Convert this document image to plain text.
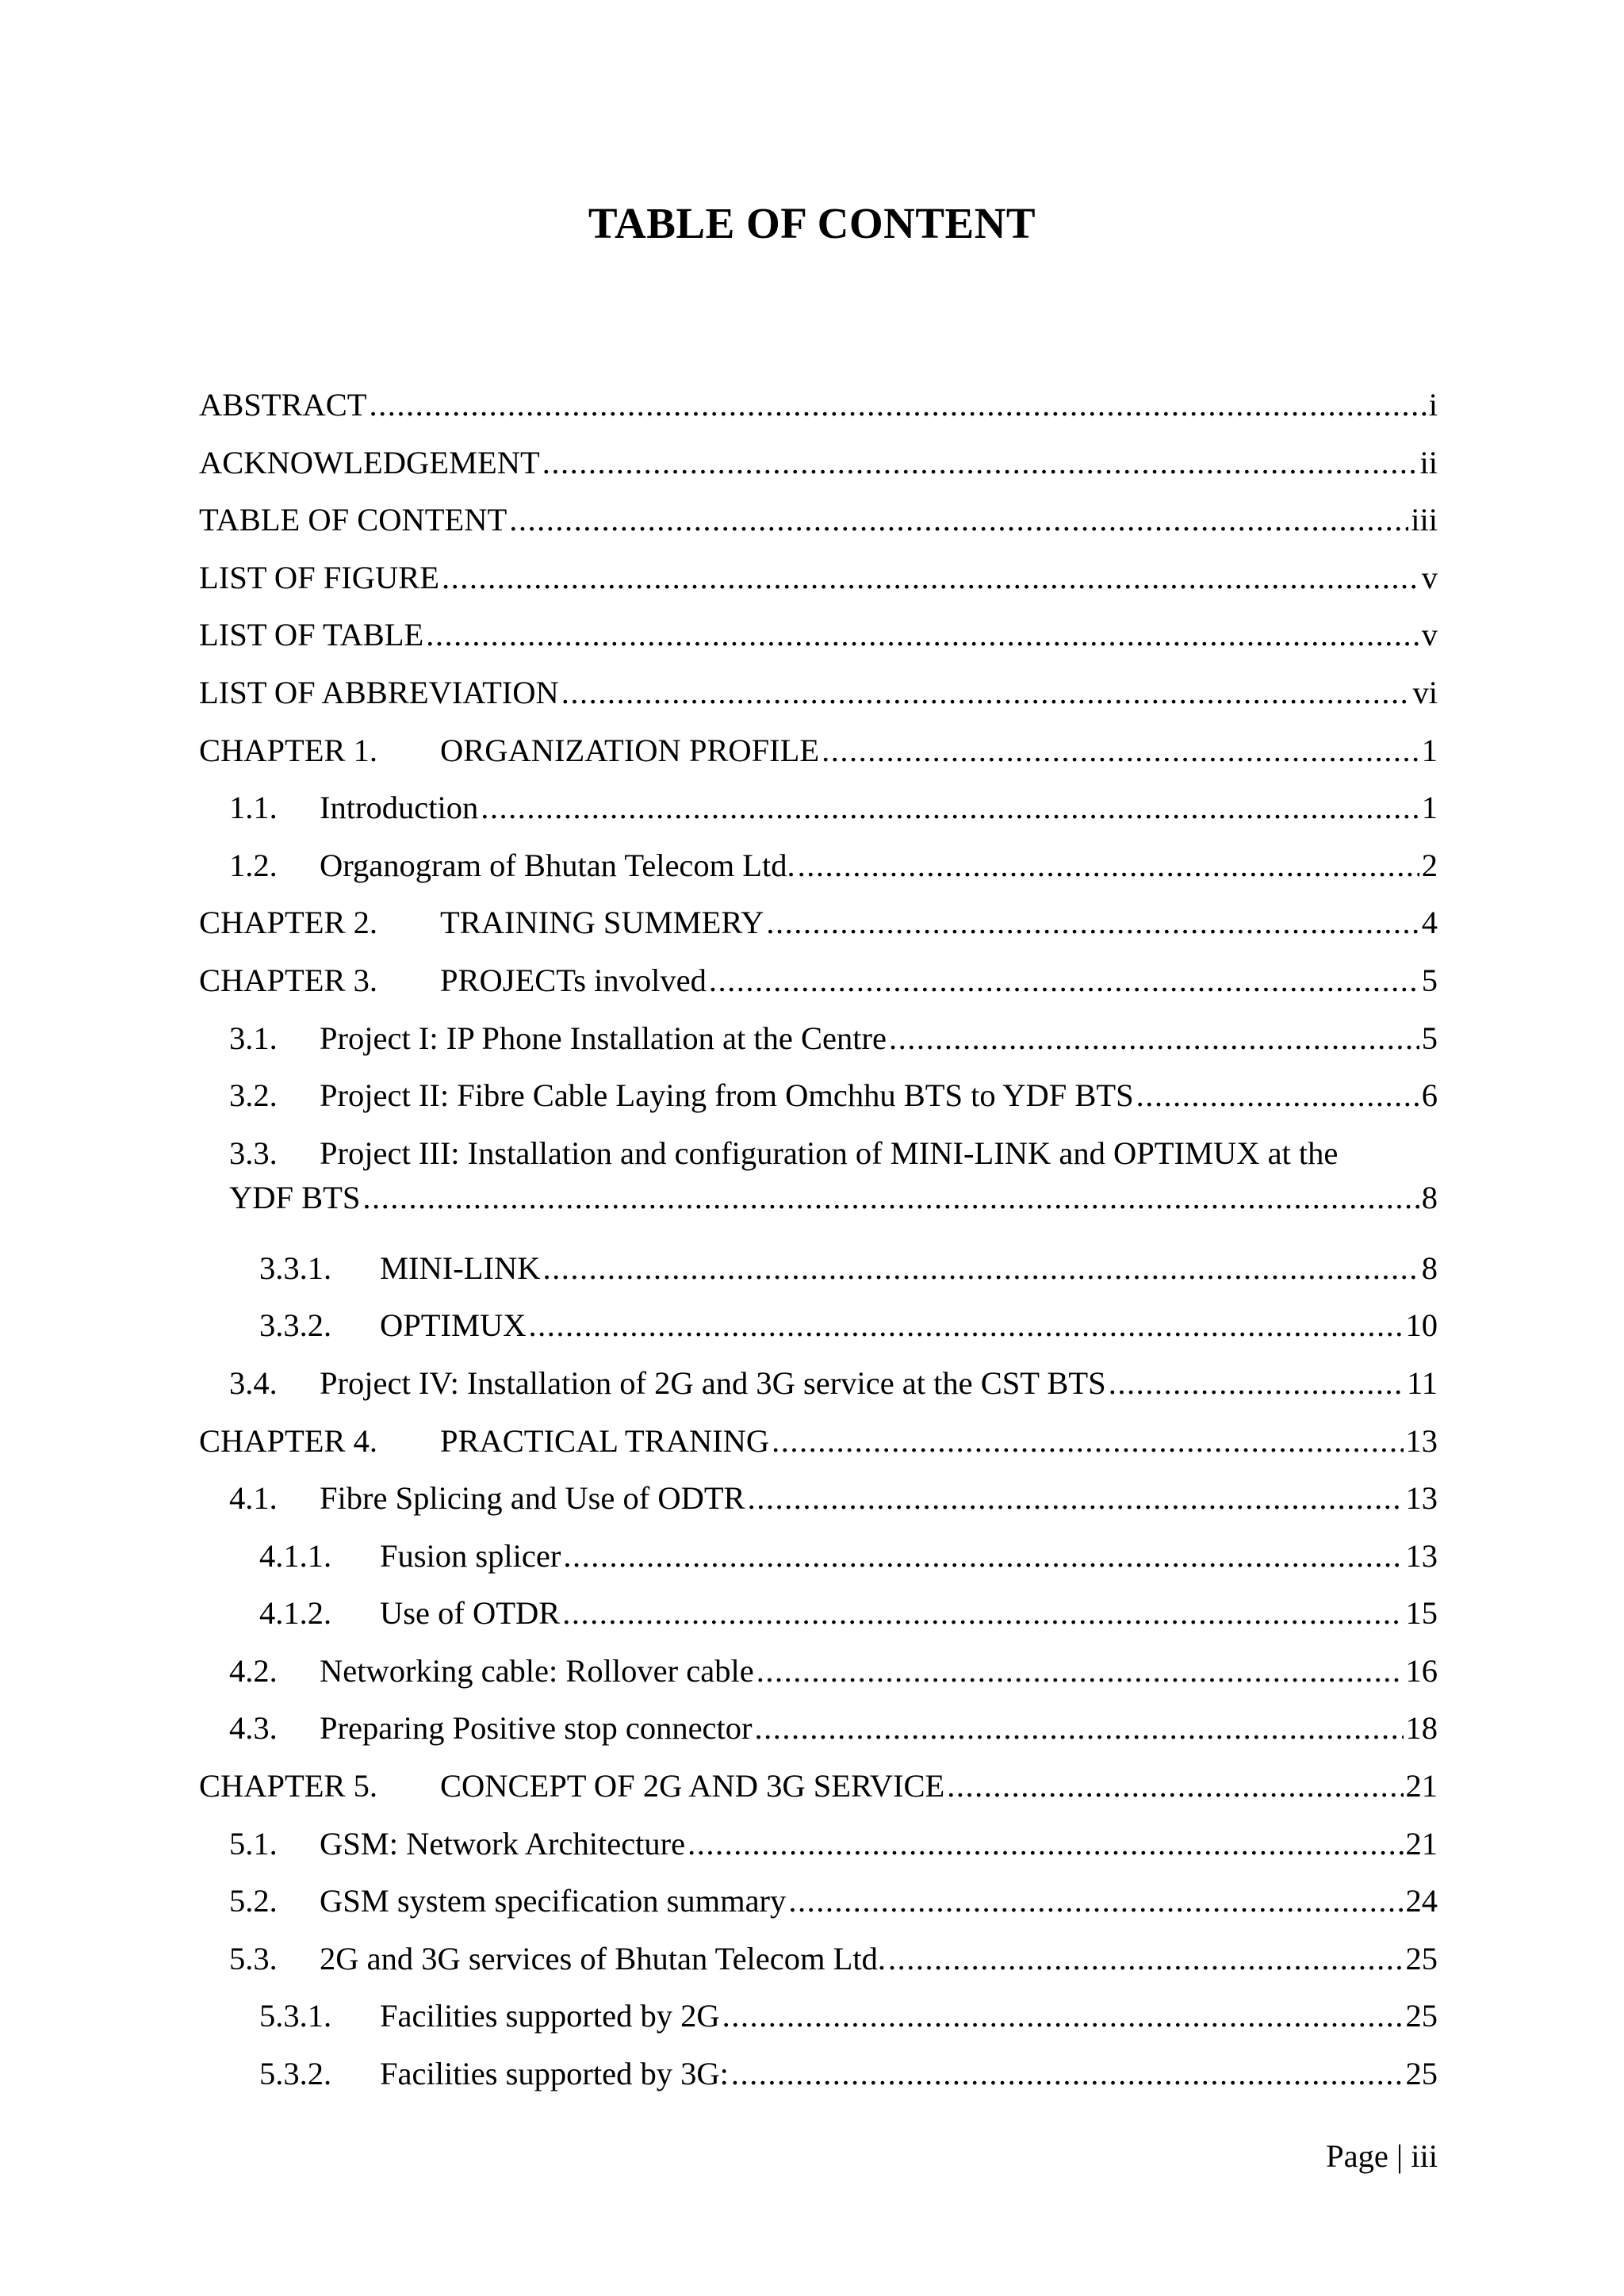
TABLE OF CONTENT
ABSTRACT .....	i
ACKNOWLEDGEMENT .....	ii
TABLE OF CONTENT .....	iii
LIST OF FIGURE .....	v
LIST OF TABLE .....	v
LIST OF ABBREVIATION .....	vi
CHAPTER 1.	ORGANIZATION PROFILE .....	1
1.1.	Introduction .....	1
1.2.	Organogram of Bhutan Telecom Ltd. .....	2
CHAPTER 2.	TRAINING SUMMERY .....	4
CHAPTER 3.	PROJECTs involved .....	5
3.1.	Project I: IP Phone Installation at the Centre .....	5
3.2.	Project II: Fibre Cable Laying from Omchhu BTS to YDF BTS .....	6
3.3.	Project III: Installation and configuration of MINI-LINK and OPTIMUX at the
YDF BTS .....	8
3.3.1.	MINI-LINK .....	8
3.3.2.	OPTIMUX .....	10
3.4.	Project IV: Installation of 2G and 3G service at the CST BTS .....	11
CHAPTER 4.	PRACTICAL TRANING .....	13
4.1.	Fibre Splicing and Use of ODTR .....	13
4.1.1.	Fusion splicer .....	13
4.1.2.	Use of OTDR .....	15
4.2.	Networking cable: Rollover cable .....	16
4.3.	Preparing Positive stop connector .....	18
CHAPTER 5.	CONCEPT OF 2G AND 3G SERVICE .....	21
5.1.	GSM: Network Architecture .....	21
5.2.	GSM system specification summary .....	24
5.3.	2G and 3G services of Bhutan Telecom Ltd. .....	25
5.3.1.	Facilities supported by 2G .....	25
5.3.2.	Facilities supported by 3G: .....	25
Page | iii
